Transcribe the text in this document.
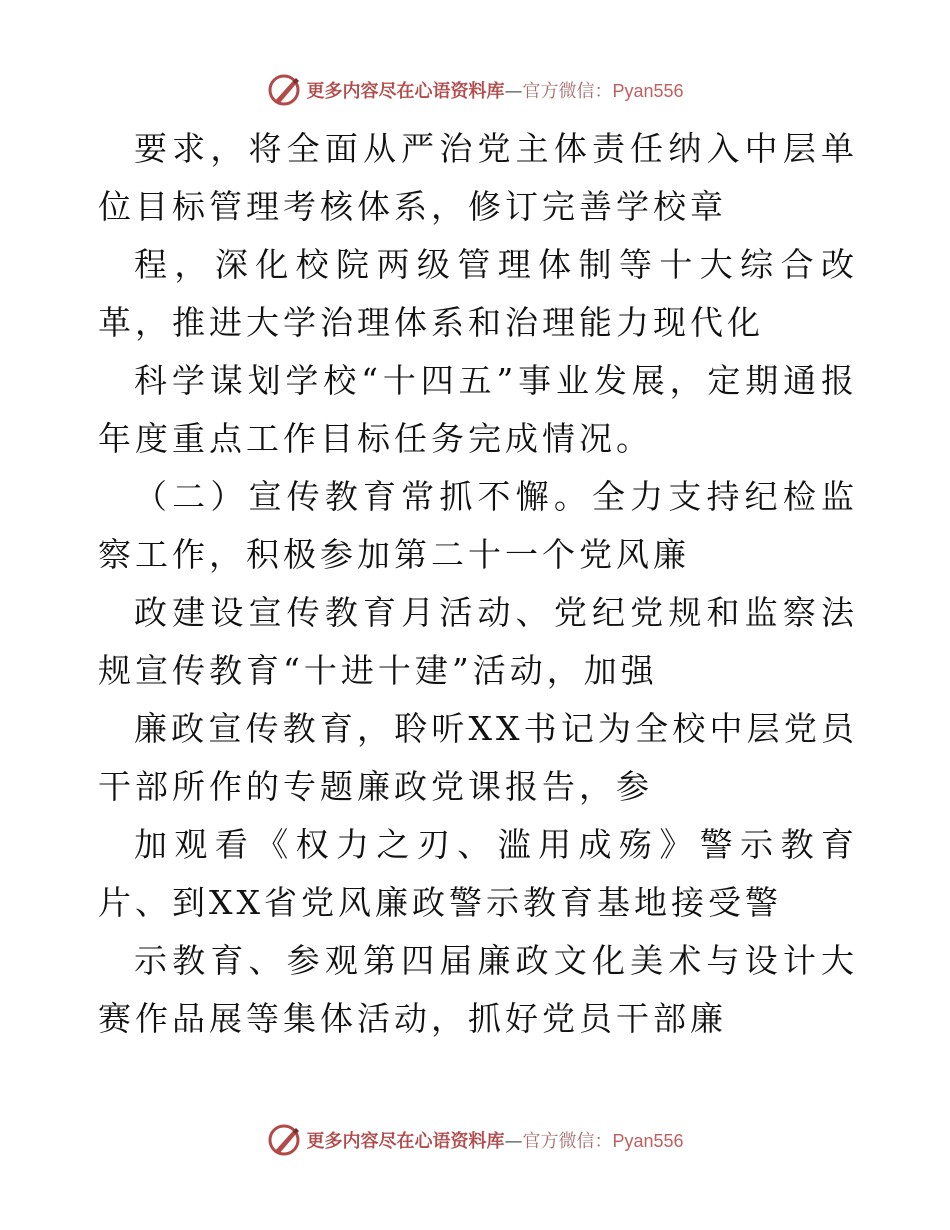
更多内容尽在心语资料库—官方微信：Pyan556

要求，将全面从严治党主体责任纳入中层单位目标管理考核体系，修订完善学校章

程，深化校院两级管理体制等十大综合改革，推进大学治理体系和治理能力现代化

科学谋划学校“十四五”事业发展，定期通报年度重点工作目标任务完成情况。

（二）宣传教育常抓不懈。全力支持纪检监察工作，积极参加第二十一个党风廉

政建设宣传教育月活动、党纪党规和监察法规宣传教育“十进十建”活动，加强

廉政宣传教育，聆听XX书记为全校中层党员干部所作的专题廉政党课报告，参

加观看《权力之刃、滥用成殇》警示教育片、到XX省党风廉政警示教育基地接受警

示教育、参观第四届廉政文化美术与设计大赛作品展等集体活动，抓好党员干部廉

更多内容尽在心语资料库—官方微信：Pyan556
